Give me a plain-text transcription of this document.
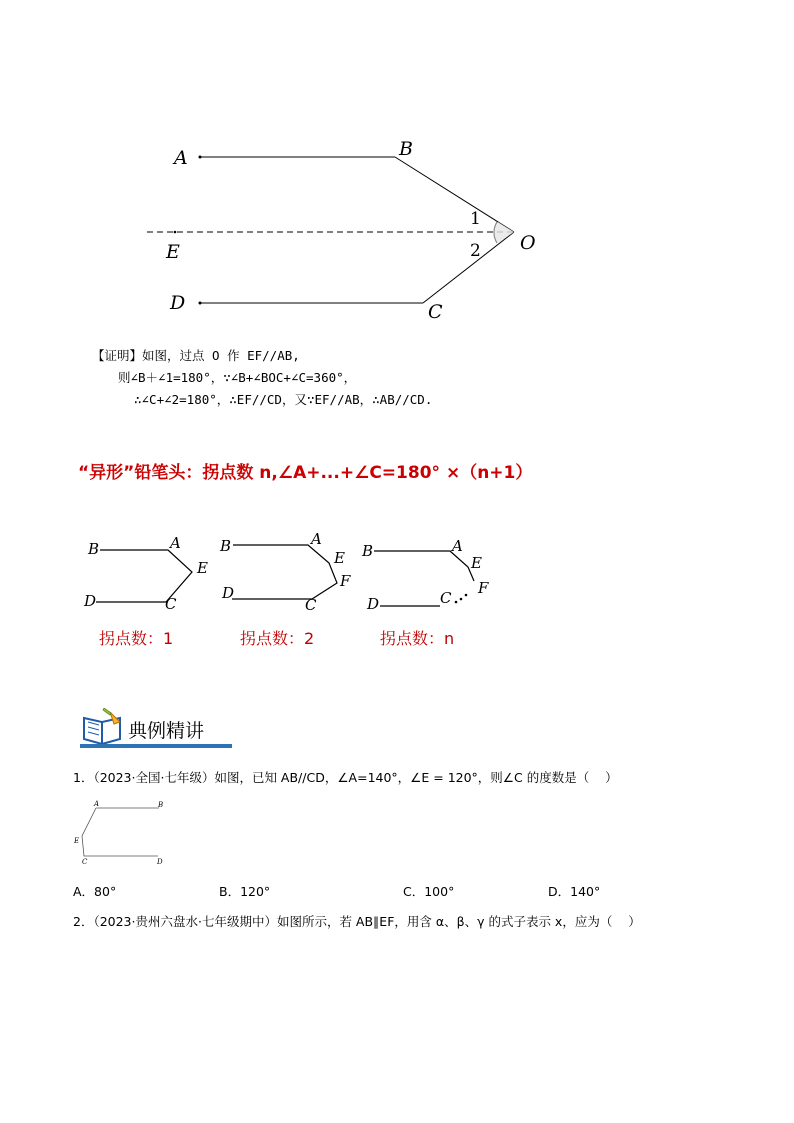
A	B
O
E
D	C
1
2
【证明】如图，过点 O 作 EF//AB,
则∠B＋∠1=180°，∵∠B+∠BOC+∠C=360°，
∴∠C+∠2=180°，∴EF//CD，又∵EF//AB，∴AB//CD.
“异形”铅笔头：拐点数 n,∠A+...+∠C=180° ×（n+1）
B	A
E
D	C
B	A
E
F
D
C
B	A
E
F
D	C
拐点数：1	拐点数：2	拐点数：n
典例精讲
1．（2023·全国·七年级）如图，已知 AB//CD，∠A=140°，∠E = 120°，则∠C 的度数是（    ）
A	B
E
C	D
A．80°	B．120°	C．100°	D．140°
2．（2023·贵州六盘水·七年级期中）如图所示，若 AB∥EF，用含 α、β、γ 的式子表示 x，应为（    ）
